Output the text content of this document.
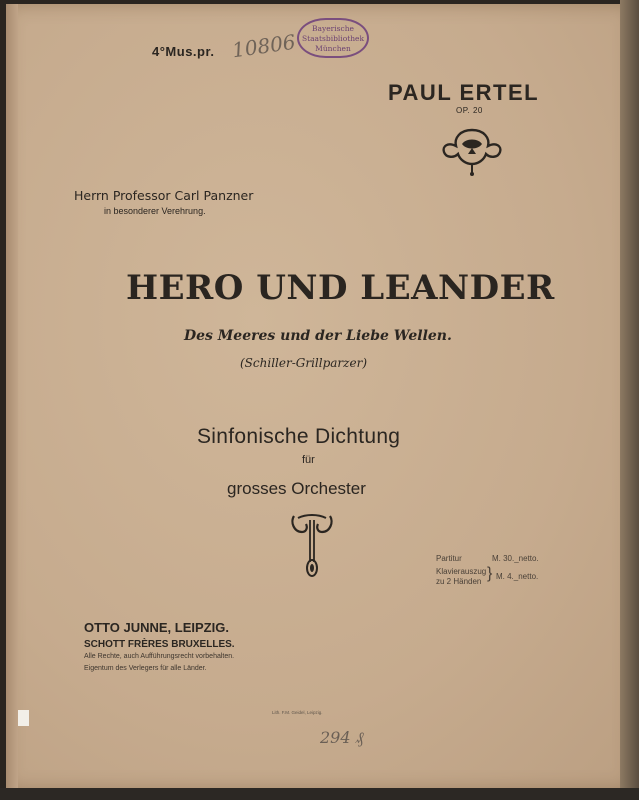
4°Mus.pr. 10806
Bayerische
Staatsbibliothek
München
PAUL ERTEL
OP. 20
Herrn Professor Carl Panzner
in besonderer Verehrung.
HERO UND LEANDER
Des Meeres und der Liebe Wellen.
(Schiller-Grillparzer)
Sinfonische Dichtung
für
grosses Orchester
Partitur	M. 30._netto.
Klavierauszug
zu 2 Händen } M. 4._netto.
OTTO JUNNE, LEIPZIG.
SCHOTT FRÈRES BRUXELLES.
Alle Rechte, auch Aufführungsrecht vorbehalten.
Eigentum des Verlegers für alle Länder.
Lith. F.M. Geidel, Leipzig.
294 ₰
